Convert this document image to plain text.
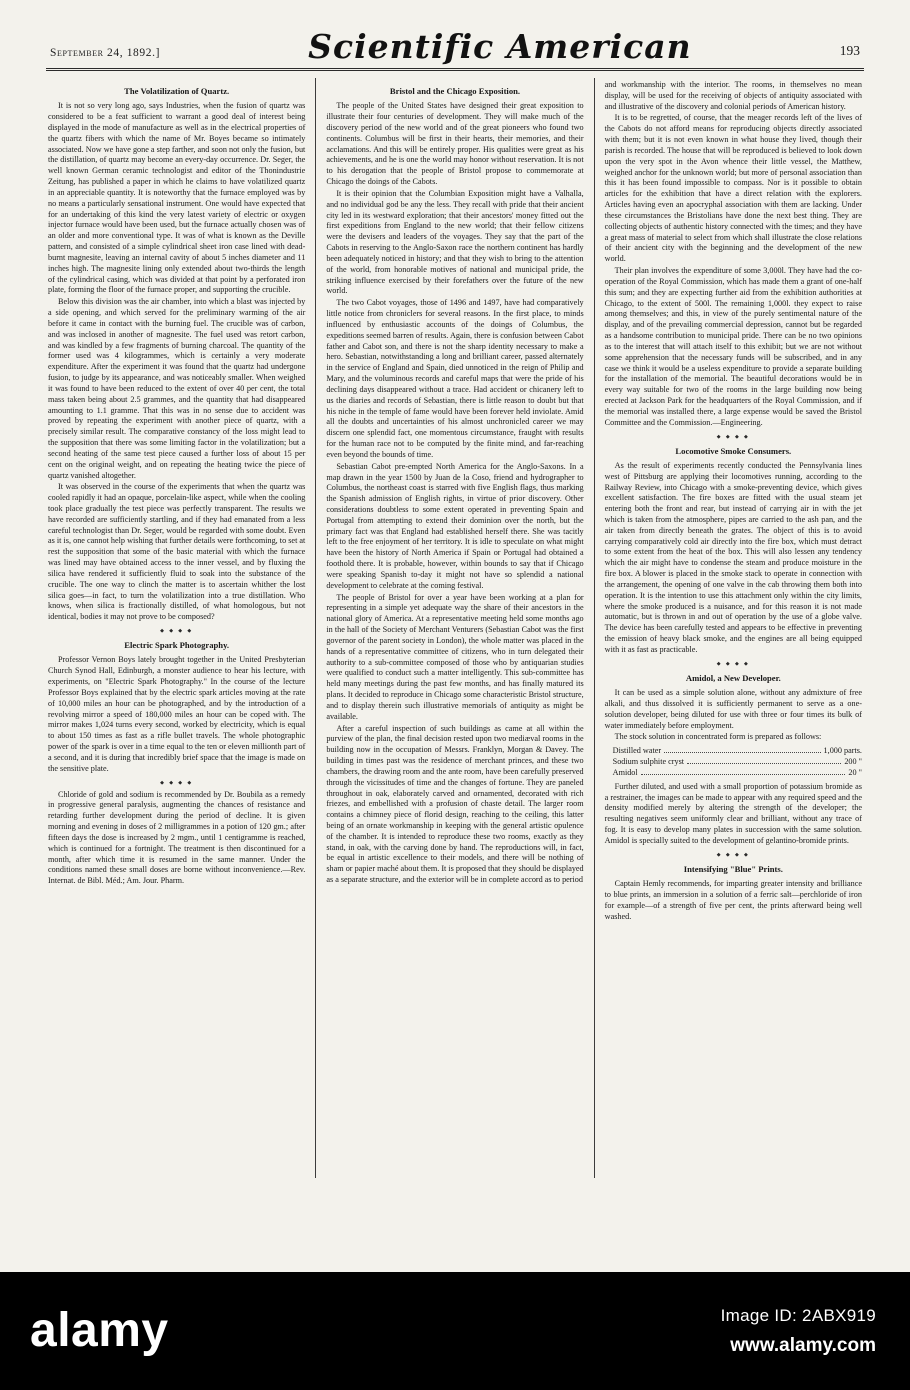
September 24, 1892.]	Scientific American	193
The Volatilization of Quartz.

It is not so very long ago, says Industries, when the fusion of quartz was considered to be a feat sufficient to warrant a good deal of interest being displayed in the mode of manufacture as well as in the electrical properties of the quartz fibers with which the name of Mr. Boyes became so intimately associated. Now we have gone a step farther, and soon not only the fusion, but the distillation, of quartz may become an every-day occurrence. Dr. Seger, the well known German ceramic technologist and editor of the Thonindustrie Zeitung, has published a paper in which he claims to have volatilized quartz in an appreciable quantity. It is noteworthy that the furnace employed was by no means a particularly sensational instrument. One would have expected that for an undertaking of this kind the very latest variety of electric or oxygen injector furnace would have been used, but the furnace actually chosen was of an older and more conventional type. It was of what is known as the Deville pattern, and consisted of a simple cylindrical sheet iron case lined with dead-burnt magnesite, leaving an internal cavity of about 5 inches diameter and 11 inches high. The magnesite lining only extended about two-thirds the length of the cylindrical casing, which was divided at that point by a perforated iron plate, forming the floor of the furnace proper, and supporting the crucible.

Below this division was the air chamber, into which a blast was injected by a side opening, and which served for the preliminary warming of the air before it came in contact with the burning fuel. The crucible was of carbon, and was inclosed in another of magnesite. The fuel used was retort carbon, and was kindled by a few fragments of burning charcoal. The quantity of the former used was 4 kilogrammes, which is certainly a very moderate expenditure. After the experiment it was found that the quartz had undergone fusion, to judge by its appearance, and was noticeably smaller. When weighed it was found to have been reduced to the extent of over 40 per cent, the total mass taken being about 2.5 grammes, and the quantity that had disappeared amounting to 1.1 gramme. That this was in no sense due to accident was proved by repeating the experiment with another piece of quartz, with a precisely similar result. The comparative constancy of the loss might lead to the supposition that there was some limiting factor in the volatilization; but a second heating of the same test piece caused a further loss of about 15 per cent on the original weight, and on repeating the heating twice the piece of quartz vanished altogether.

It was observed in the course of the experiments that when the quartz was cooled rapidly it had an opaque, porcelain-like aspect, while when the cooling took place gradually the test piece was perfectly transparent. The results we have recorded are sufficiently startling, and if they had emanated from a less careful technologist than Dr. Seger, would be regarded with some doubt. Even as it is, one cannot help wishing that further details were forthcoming, to set at rest the supposition that some of the basic material with which the furnace was lined may have obtained access to the inner vessel, and by fluxing the silica have rendered it sufficiently fluid to soak into the substance of the crucible. The one way to clinch the matter is to ascertain whither the lost silica goes—in fact, to turn the volatilization into a true distillation. Who knows, when silica is fractionally distilled, of what homologous, but not identical, bodies it may not prove to be composed?

◆ ◆ ◆ ◆
Electric Spark Photography.

Professor Vernon Boys lately brought together in the United Presbyterian Church Synod Hall, Edinburgh, a monster audience to hear his lecture, with experiments, on "Electric Spark Photography." In the course of the lecture Professor Boys explained that by the electric spark articles moving at the rate of 10,000 miles an hour can be photographed, and by the introduction of a revolving mirror a speed of 180,000 miles an hour can be coped with. The mirror makes 1,024 turns every second, worked by electricity, which is equal to about 150 times as fast as a rifle bullet travels. The whole photographic power of the spark is over in a time equal to the ten or eleven millionth part of a second, and it is during that incredibly brief space that the image is made on the sensitive plate.

◆ ◆ ◆ ◆

Chloride of gold and sodium is recommended by Dr. Boubila as a remedy in progressive general paralysis, augmenting the chances of resistance and retarding further development during the period of decline. It is given morning and evening in doses of 2 milligrammes in a potion of 120 gm.; after fifteen days the dose is increased by 2 mgm., until 1 centigramme is reached, which is continued for a fortnight. The treatment is then discontinued for a month, after which time it is resumed in the same manner. Under the conditions named these small doses are borne without inconvenience.—Rev. Internat. de Bibl. Méd.; Am. Jour. Pharm.

Bristol and the Chicago Exposition.

The people of the United States have designed their great exposition to illustrate their four centuries of development. They will make much of the discovery period of the new world and of the great pioneers who found two continents. Columbus will be first in their hearts, their memories, and their acclamations. And this will be entirely proper. His qualities were great as his achievements, and he is one the world may honor without reservation. It is not to his derogation that the people of Bristol propose to commemorate at Chicago the doings of the Cabots.

It is their opinion that the Columbian Exposition might have a Valhalla, and no individual god be any the less. They recall with pride that their ancient city led in its westward exploration; that their ancestors' money fitted out the first expeditions from England to the new world; that their fellow citizens were the devisers and leaders of the voyages. They say that the part of the Cabots in reserving to the Anglo-Saxon race the northern continent has hardly been adequately noticed in history; and that they wish to bring to the attention of the world, from honorable motives of national and municipal pride, the striking influence exercised by their forefathers over the future of the new world.

The two Cabot voyages, those of 1496 and 1497, have had comparatively little notice from chroniclers for several reasons. In the first place, to minds influenced by enthusiastic accounts of the doings of Columbus, the expeditions seemed barren of results. Again, there is confusion between Cabot father and Cabot son, and there is not the sharp identity necessary to make a hero. Sebastian, notwithstanding a long and brilliant career, passed alternately in the service of England and Spain, died unnoticed in the reign of Philip and Mary, and the voluminous records and careful maps that were the pride of his declining days disappeared without a trace. Had accident or chicanery left to us the diaries and records of Sebastian, there is little reason to doubt but that his niche in the temple of fame would have been forever held inviolate. Amid all the doubts and uncertainties of his almost unchronicled career we may discern one splendid fact, one momentous circumstance, fraught with results for the human race not to be computed by the finite mind, and far-reaching even beyond the bounds of time.

Sebastian Cabot pre-empted North America for the Anglo-Saxons. In a map drawn in the year 1500 by Juan de la Coso, friend and hydrographer to Columbus, the northeast coast is starred with five English flags, thus marking the Spanish admission of English rights, in virtue of prior discovery. Other considerations doubtless to some extent operated in preventing Spain and Portugal from attempting to extend their dominion over the north, but the primary fact was that England had established herself there. She was tacitly left to the free enjoyment of her territory. It is idle to speculate on what might have been the history of North America if Spain or Portugal had obtained a foothold there. It is probable, however, within bounds to say that if Chicago were speaking Spanish to-day it might not have so splendid a national development to celebrate at the coming festival.

The people of Bristol for over a year have been working at a plan for representing in a simple yet adequate way the share of their ancestors in the national glory of America. At a representative meeting held some months ago in the hall of the Society of Merchant Venturers (Sebastian Cabot was the first governor of the parent society in London), the whole matter was placed in the hands of a representative committee of citizens, who in turn delegated their authority to a sub-committee composed of those who by antiquarian studies were qualified to conduct such a matter intelligently. This sub-committee has held many meetings during the past few months, and has finally matured its plans. It decided to reproduce in Chicago some characteristic Bristol structure, and to display therein such illustrative memorials of antiquity as might be available.

After a careful inspection of such buildings as came at all within the purview of the plan, the final decision rested upon two mediæval rooms in the building now in the occupation of Messrs. Franklyn, Morgan & Davey. The building in times past was the residence of merchant princes, and these two chambers, the drawing room and the ante room, have been carefully preserved through the vicissitudes of time and the changes of fortune. They are paneled throughout in oak, elaborately carved and ornamented, decorated with rich friezes, and embellished with a profusion of chaste detail. The larger room contains a chimney piece of florid design, reaching to the ceiling, this latter being of an ornate workmanship in keeping with the general artistic opulence of the chamber. It is intended to reproduce these two rooms, exactly as they stand, in oak, with the carving done by hand. The reproductions will, in fact, be equal in artistic excellence to their models, and there will be nothing of sham or papier maché about them. It is proposed that they should be displayed as a separate structure, and the exterior will be in complete accord as to period

and workmanship with the interior. The rooms, in themselves no mean display, will be used for the receiving of objects of antiquity associated with and illustrative of the discovery and colonial periods of American history.

It is to be regretted, of course, that the meager records left of the lives of the Cabots do not afford means for reproducing objects directly associated with them; but it is not even known in what house they lived, though their parish is recorded. The house that will be reproduced is believed to look down upon the very spot in the Avon whence their little vessel, the Matthew, weighed anchor for the unknown world; but more of personal association than this it has been found impossible to compass. Nor is it possible to obtain articles for the exhibition that have a direct relation with the explorers. Articles having even an apocryphal association with them are lacking. Under these circumstances the Bristolians have done the next best thing. They are collecting objects of authentic history connected with the times; and they have a great mass of material to select from which shall illustrate the close relations of their ancient city with the beginning and the development of the new world.

Their plan involves the expenditure of some 3,000l. They have had the co-operation of the Royal Commission, which has made them a grant of one-half this sum; and they are expecting further aid from the exhibition authorities at Chicago, to the extent of 500l. The remaining 1,000l. they expect to raise among themselves; and this, in view of the purely sentimental nature of the display, and of the prevailing commercial depression, cannot but be regarded as a handsome contribution to municipal pride. There can be no two opinions as to the interest that will attach itself to this exhibit; but we are not without some apprehension that the necessary funds will be subscribed, and in any case we think it would be a useless expenditure to provide a separate building for the installation of the memorial. The beautiful decorations would be in every way suitable for two of the rooms in the large building now being erected at Jackson Park for the headquarters of the Royal Commission, and if the memorial was installed there, a large expense would be saved the Bristol Committee and the Commission.—Engineering.

◆ ◆ ◆ ◆
Locomotive Smoke Consumers.

As the result of experiments recently conducted the Pennsylvania lines west of Pittsburg are applying their locomotives running, according to the Railway Review, into Chicago with a smoke-preventing device, which gives excellent satisfaction. The fire boxes are fitted with the usual steam jet entering both the front and rear, but instead of carrying air in with the jet which is taken from the atmosphere, pipes are carried to the ash pan, and the air taken from directly beneath the grates. The object of this is to avoid carrying comparatively cold air directly into the fire box, which must detract to some extent from the heat of the box. This will also lessen any tendency which the air might have to condense the steam and produce moisture in the fire box. A blower is placed in the smoke stack to operate in connection with the arrangement, the opening of one valve in the cab throwing them both into operation. It is the intention to use this attachment only within the city limits, where the smoke produced is a nuisance, and for this reason it is not made automatic, but is thrown in and out of operation by the use of a globe valve. The device has been carefully tested and appears to be effective in preventing the emission of heavy black smoke, and the engines are all being equipped with it as fast as practicable.

◆ ◆ ◆ ◆
Amidol, a New Developer.

It can be used as a simple solution alone, without any admixture of free alkali, and thus dissolved it is sufficiently permanent to serve as a one-solution developer, being diluted for use with three or four times its bulk of water immediately before employment.

The stock solution in concentrated form is prepared as follows:

Distilled water	1,000 parts.
Sodium sulphite cryst	200 "
Amidol	20 "

Further diluted, and used with a small proportion of potassium bromide as a restrainer, the images can be made to appear with any required speed and the density modified merely by altering the strength of the developer; the resulting negatives seem uniformly clear and brilliant, without any trace of fog. It is easy to develop many plates in succession with the same solution. Amidol is specially suited to the development of gelantino-bromide prints.

◆ ◆ ◆ ◆
Intensifying "Blue" Prints.

Captain Hemly recommends, for imparting greater intensity and brilliance to blue prints, an immersion in a solution of a ferric salt—perchloride of iron for example—of a strength of five per cent, the prints afterward being well washed.

alamy	Image ID: 2ABX919
www.alamy.com
